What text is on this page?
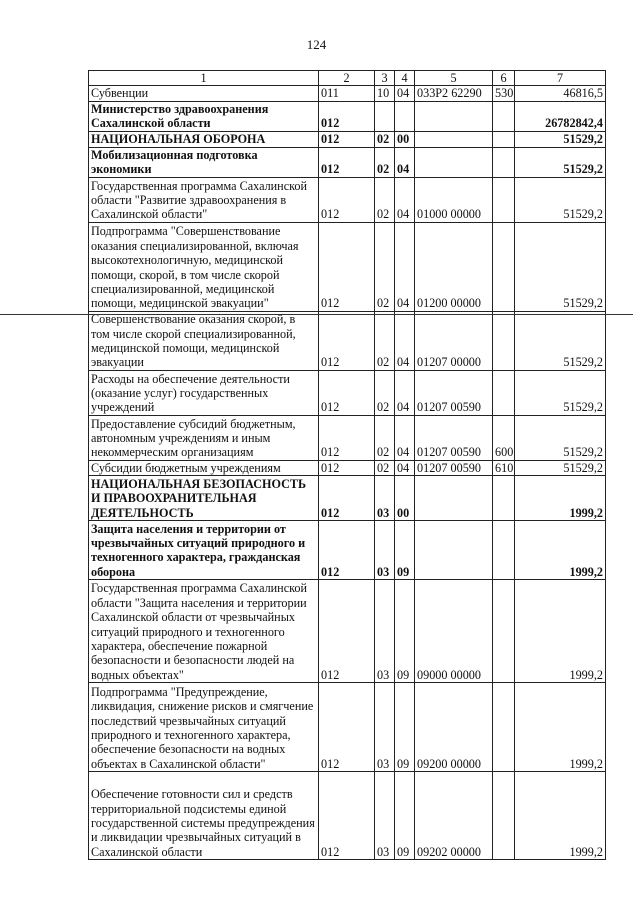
124
1	2	3	4	5	6	7
Субвенции	011	10	04	033P2 62290	530	46816,5
Министерство здравоохранения Сахалинской области	012					26782842,4
НАЦИОНАЛЬНАЯ ОБОРОНА	012	02	00			51529,2
Мобилизационная подготовка экономики	012	02	04			51529,2
Государственная программа Сахалинской области "Развитие здравоохранения в Сахалинской области"	012	02	04	01000 00000		51529,2
Подпрограмма "Совершенствование оказания специализированной, включая высокотехнологичную, медицинской помощи, скорой, в том числе скорой специализированной, медицинской помощи, медицинской эвакуации"	012	02	04	01200 00000		51529,2
Совершенствование оказания скорой, в том числе скорой специализированной, медицинской помощи, медицинской эвакуации	012	02	04	01207 00000		51529,2
Расходы на обеспечение деятельности (оказание услуг) государственных учреждений	012	02	04	01207 00590		51529,2
Предоставление субсидий бюджетным, автономным учреждениям и иным некоммерческим организациям	012	02	04	01207 00590	600	51529,2
Субсидии бюджетным учреждениям	012	02	04	01207 00590	610	51529,2
НАЦИОНАЛЬНАЯ БЕЗОПАСНОСТЬ И ПРАВООХРАНИТЕЛЬНАЯ ДЕЯТЕЛЬНОСТЬ	012	03	00			1999,2
Защита населения и территории от чрезвычайных ситуаций природного и техногенного характера, гражданская оборона	012	03	09			1999,2
Государственная программа Сахалинской области "Защита населения и территории Сахалинской области от чрезвычайных ситуаций природного и техногенного характера, обеспечение пожарной безопасности и безопасности людей на водных объектах"	012	03	09	09000 00000		1999,2
Подпрограмма "Предупреждение, ликвидация, снижение рисков и смягчение последствий чрезвычайных ситуаций природного и техногенного характера, обеспечение безопасности на водных объектах в Сахалинской области"	012	03	09	09200 00000		1999,2
Обеспечение готовности сил и средств территориальной подсистемы единой государственной системы предупреждения и ликвидации чрезвычайных ситуаций в Сахалинской области	012	03	09	09202 00000		1999,2
